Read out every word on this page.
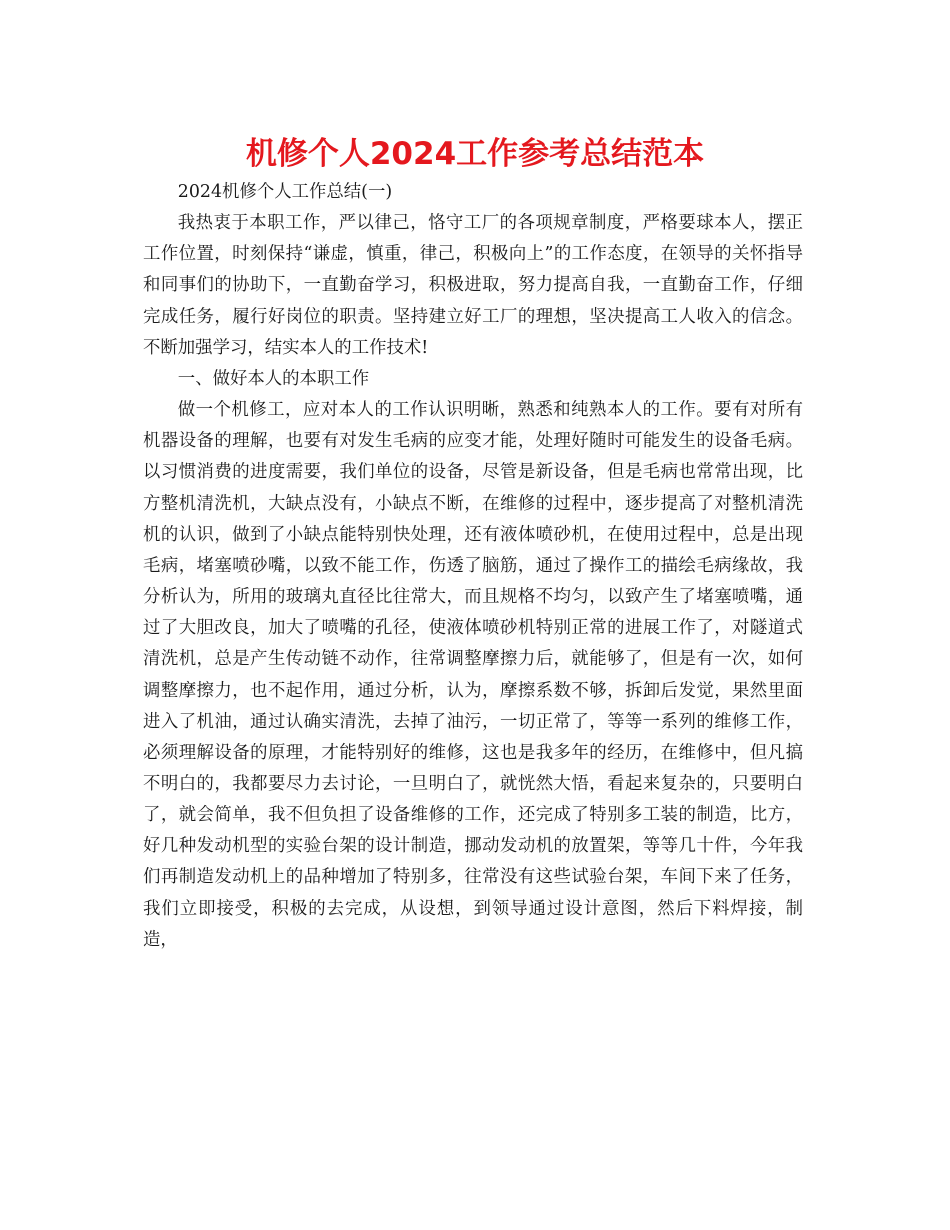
机修个人2024工作参考总结范本

2024机修个人工作总结(一)

我热衷于本职工作，严以律己，恪守工厂的各项规章制度，严格要球本人，摆正工作位置，时刻保持“谦虚，慎重，律己，积极向上”的工作态度，在领导的关怀指导和同事们的协助下，一直勤奋学习，积极进取，努力提高自我，一直勤奋工作，仔细完成任务，履行好岗位的职责。坚持建立好工厂的理想，坚决提高工人收入的信念。不断加强学习，结实本人的工作技术!

一、做好本人的本职工作

做一个机修工，应对本人的工作认识明晰，熟悉和纯熟本人的工作。要有对所有机器设备的理解，也要有对发生毛病的应变才能，处理好随时可能发生的设备毛病。以习惯消费的进度需要，我们单位的设备，尽管是新设备，但是毛病也常常出现，比方整机清洗机，大缺点没有，小缺点不断，在维修的过程中，逐步提高了对整机清洗机的认识，做到了小缺点能特别快处理，还有液体喷砂机，在使用过程中，总是出现毛病，堵塞喷砂嘴，以致不能工作，伤透了脑筋，通过了操作工的描绘毛病缘故，我分析认为，所用的玻璃丸直径比往常大，而且规格不均匀，以致产生了堵塞喷嘴，通过了大胆改良，加大了喷嘴的孔径，使液体喷砂机特别正常的进展工作了，对隧道式清洗机，总是产生传动链不动作，往常调整摩擦力后，就能够了，但是有一次，如何调整摩擦力，也不起作用，通过分析，认为，摩擦系数不够，拆卸后发觉，果然里面进入了机油，通过认确实清洗，去掉了油污，一切正常了，等等一系列的维修工作，必须理解设备的原理，才能特别好的维修，这也是我多年的经历，在维修中，但凡搞不明白的，我都要尽力去讨论，一旦明白了，就恍然大悟，看起来复杂的，只要明白了，就会简单，我不但负担了设备维修的工作，还完成了特别多工装的制造，比方，好几种发动机型的实验台架的设计制造，挪动发动机的放置架，等等几十件，今年我们再制造发动机上的品种增加了特别多，往常没有这些试验台架，车间下来了任务，我们立即接受，积极的去完成，从设想，到领导通过设计意图，然后下料焊接，制造，
